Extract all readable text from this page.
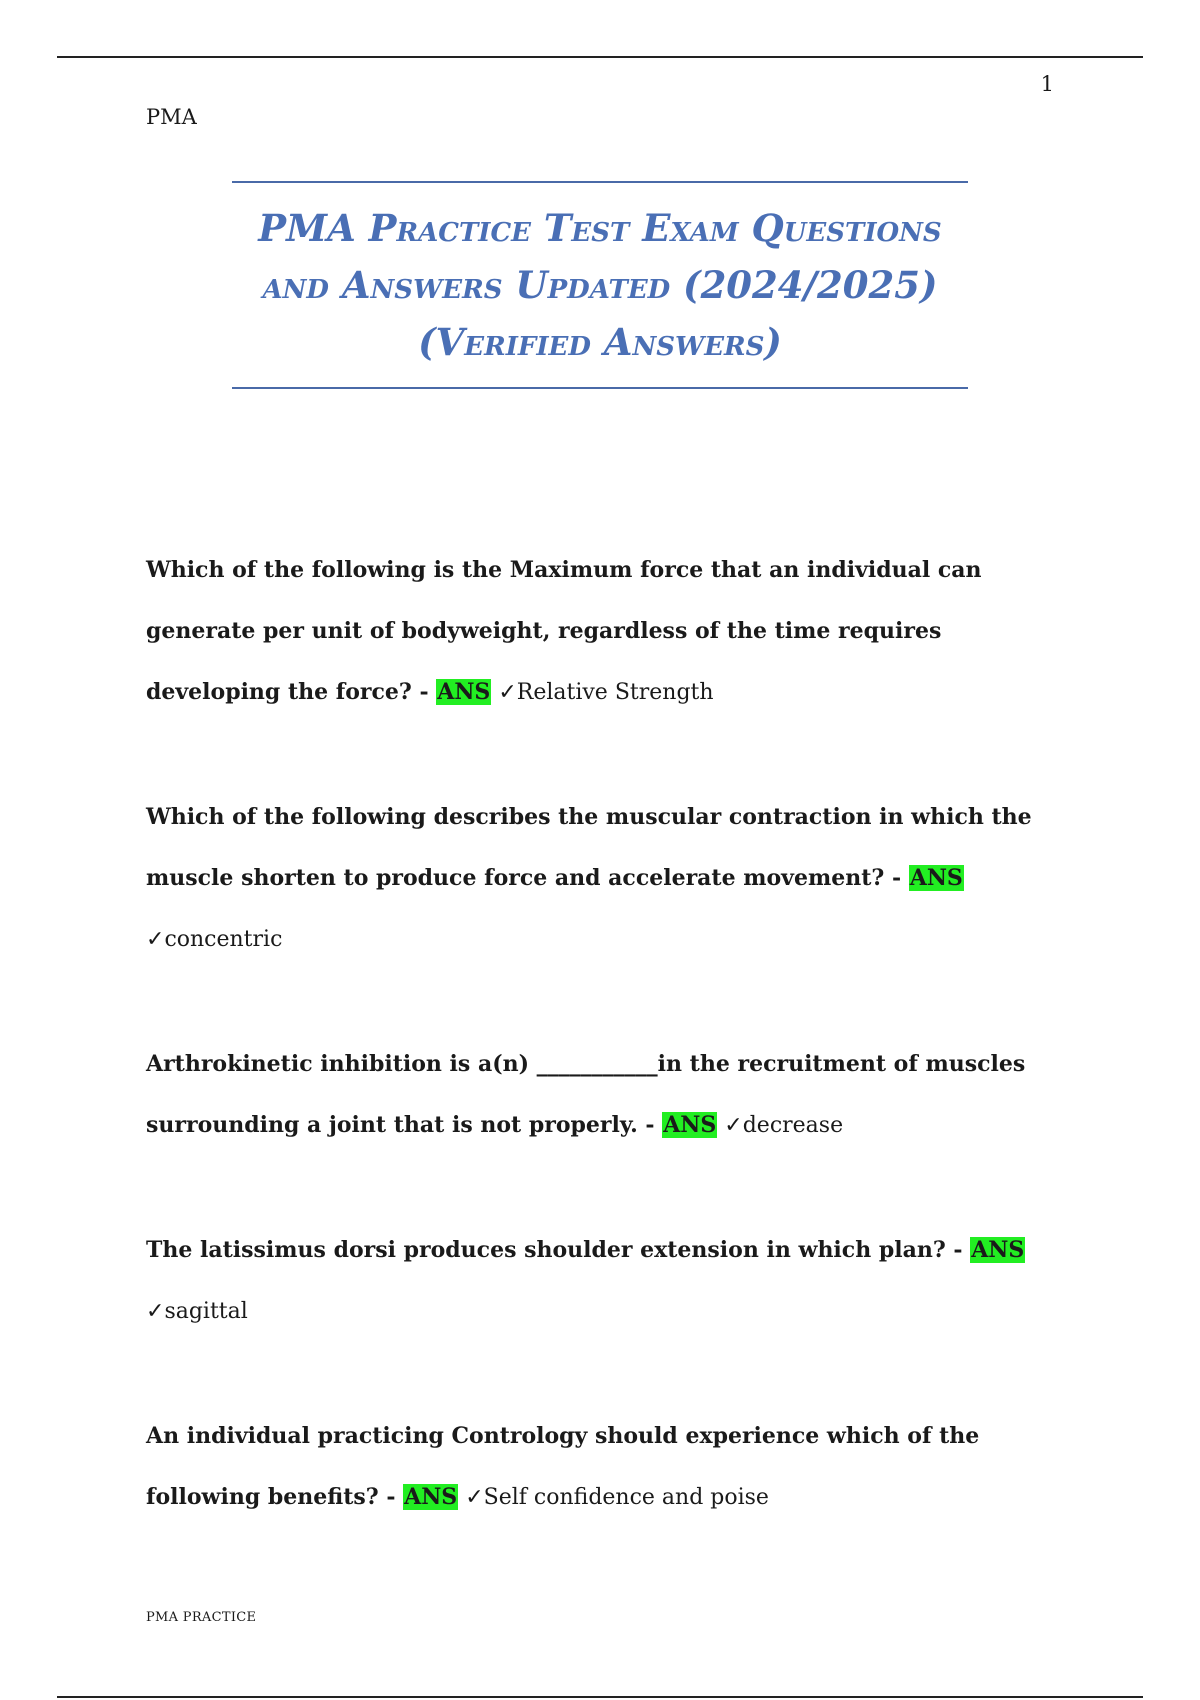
1
PMA
PMA Practice Test Exam Questions
and Answers Updated (2024/2025)
(Verified Answers)
Which of the following is the Maximum force that an individual can generate per unit of bodyweight, regardless of the time requires developing the force? - ANS ✓Relative Strength
Which of the following describes the muscular contraction in which the muscle shorten to produce force and accelerate movement? - ANS ✓concentric
Arthrokinetic inhibition is a(n) ___________in the recruitment of muscles surrounding a joint that is not properly. - ANS ✓decrease
The latissimus dorsi produces shoulder extension in which plan? - ANS ✓sagittal
An individual practicing Contrology should experience which of the following benefits? - ANS ✓Self confidence and poise
PMA PRACTICE
